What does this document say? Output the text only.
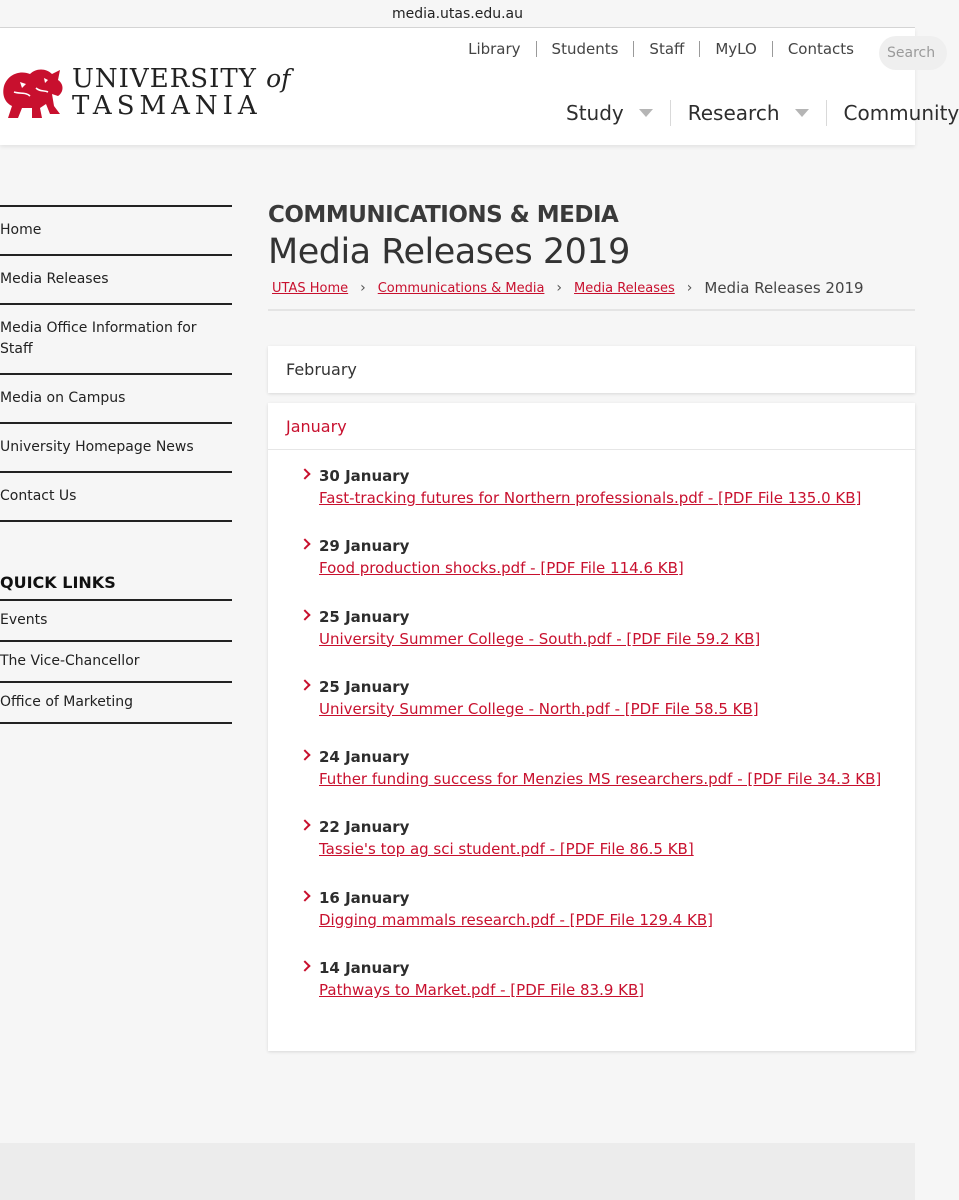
media.utas.edu.au
UNIVERSITY of
TASMANIA
Library Students Staff MyLO Contacts
Search
Study	Research	Community
Home
Media Releases
Media Office Information for Staff
Media on Campus
University Homepage News
Contact Us
QUICK LINKS
Events
The Vice-Chancellor
Office of Marketing
COMMUNICATIONS & MEDIA
Media Releases 2019
UTAS Home › Communications & Media › Media Releases › Media Releases 2019
February
January
30 January
Fast-tracking futures for Northern professionals.pdf - [PDF File 135.0 KB]
29 January
Food production shocks.pdf - [PDF File 114.6 KB]
25 January
University Summer College - South.pdf - [PDF File 59.2 KB]
25 January
University Summer College - North.pdf - [PDF File 58.5 KB]
24 January
Futher funding success for Menzies MS researchers.pdf - [PDF File 34.3 KB]
22 January
Tassie's top ag sci student.pdf - [PDF File 86.5 KB]
16 January
Digging mammals research.pdf - [PDF File 129.4 KB]
14 January
Pathways to Market.pdf - [PDF File 83.9 KB]
